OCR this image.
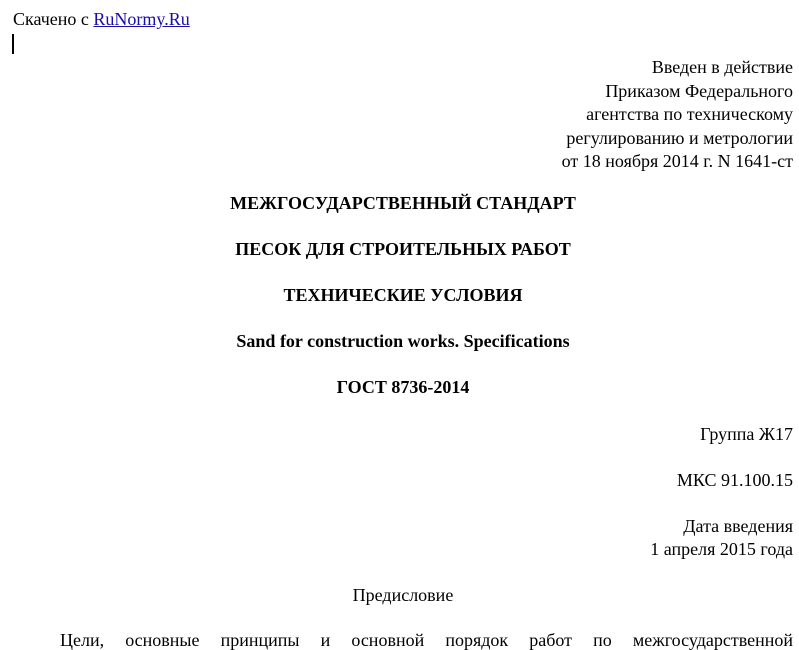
Скачено с RuNormy.Ru
Введен в действие
Приказом Федерального
агентства по техническому
регулированию и метрологии
от 18 ноября 2014 г. N 1641-ст
МЕЖГОСУДАРСТВЕННЫЙ СТАНДАРТ
ПЕСОК ДЛЯ СТРОИТЕЛЬНЫХ РАБОТ
ТЕХНИЧЕСКИЕ УСЛОВИЯ
Sand for construction works. Specifications
ГОСТ 8736-2014
Группа Ж17
МКС 91.100.15
Дата введения
1 апреля 2015 года
Предисловие
Цели, основные принципы и основной порядок работ по межгосударственной
